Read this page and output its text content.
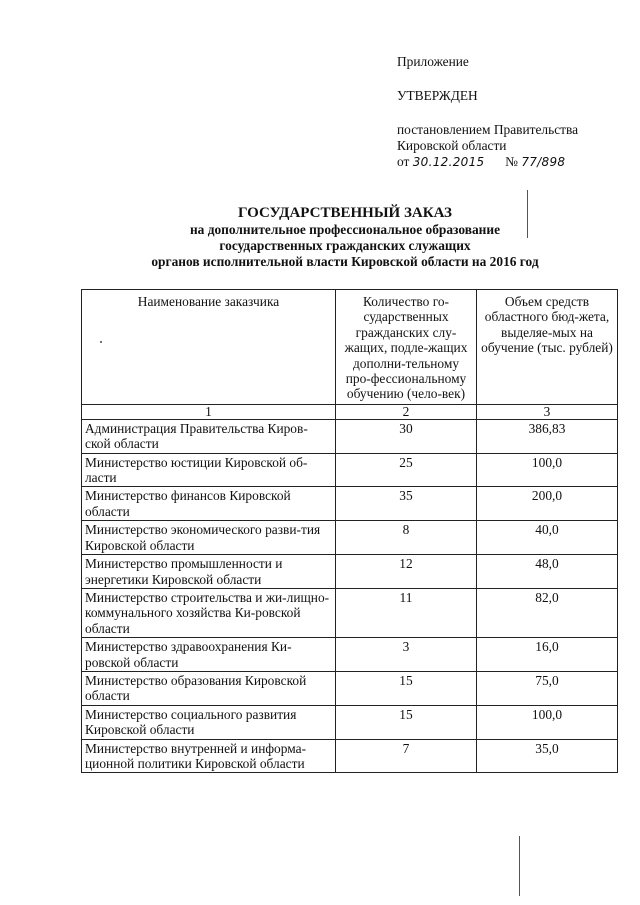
Приложение
УТВЕРЖДЕН
постановлением Правительства
Кировской области
от 30.12.2015 № 77/898
ГОСУДАРСТВЕННЫЙ ЗАКАЗ
на дополнительное профессиональное образование
государственных гражданских служащих
органов исполнительной власти Кировской области на 2016 год
Наименование заказчика	Количество го-сударственных гражданских слу-жащих, подле-жащих дополни-тельному про-фессиональному обучению (чело-век)	Объем средств областного бюд-жета, выделяе-мых на обучение (тыс. рублей)
1	2	3
Администрация Правительства Киров-ской области	30	386,83
Министерство юстиции Кировской об-ласти	25	100,0
Министерство финансов Кировской области	35	200,0
Министерство экономического разви-тия Кировской области	8	40,0
Министерство промышленности и энергетики Кировской области	12	48,0
Министерство строительства и жи-лищно-коммунального хозяйства Ки-ровской области	11	82,0
Министерство здравоохранения Ки-ровской области	3	16,0
Министерство образования Кировской области	15	75,0
Министерство социального развития Кировской области	15	100,0
Министерство внутренней и информа-ционной политики Кировской области	7	35,0
